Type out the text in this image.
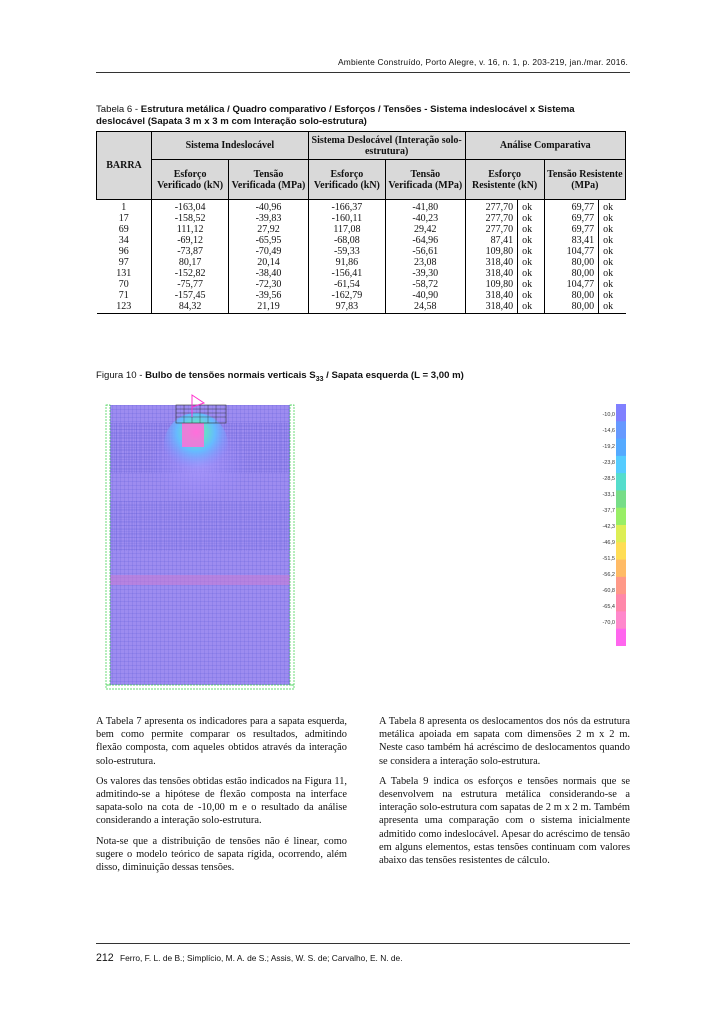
Ambiente Construído, Porto Alegre, v. 16, n. 1, p. 203-219, jan./mar. 2016.
Tabela 6 - Estrutura metálica / Quadro comparativo / Esforços / Tensões - Sistema indeslocável x Sistema deslocável (Sapata 3 m x 3 m com Interação solo-estrutura)
BARRA	Sistema Indeslocável		Sistema Deslocável (Interação solo-estrutura)		Análise Comparativa			
	Esforço Verificado (kN)	Tensão Verificada (MPa)	Esforço Verificado (kN)	Tensão Verificada (MPa)	Esforço Resistente (kN)		Tensão Resistente (MPa)	
1	-163,04	-40,96	-166,37	-41,80	277,70	ok	69,77	ok
17	-158,52	-39,83	-160,11	-40,23	277,70	ok	69,77	ok
69	111,12	27,92	117,08	29,42	277,70	ok	69,77	ok
34	-69,12	-65,95	-68,08	-64,96	87,41	ok	83,41	ok
96	-73,87	-70,49	-59,33	-56,61	109,80	ok	104,77	ok
97	80,17	20,14	91,86	23,08	318,40	ok	80,00	ok
131	-152,82	-38,40	-156,41	-39,30	318,40	ok	80,00	ok
70	-75,77	-72,30	-61,54	-58,72	109,80	ok	104,77	ok
71	-157,45	-39,56	-162,79	-40,90	318,40	ok	80,00	ok
123	84,32	21,19	97,83	24,58	318,40	ok	80,00	ok
Figura 10 - Bulbo de tensões normais verticais $S_{33}$ / Sapata esquerda (L = 3,00 m)
-10,0
-14,6
-19,2
-23,8
-28,5
-33,1
-37,7
-42,3
-46,9
-51,5
-56,2
-60,8
-65,4
-70,0

A Tabela 7 apresenta os indicadores para a sapata esquerda, bem como permite comparar os resultados, admitindo flexão composta, com aqueles obtidos através da interação solo-estrutura.

Os valores das tensões obtidas estão indicados na Figura 11, admitindo-se a hipótese de flexão composta na interface sapata-solo na cota de -10,00 m e o resultado da análise considerando a interação solo-estrutura.

Nota-se que a distribuição de tensões não é linear, como sugere o modelo teórico de sapata rígida, ocorrendo, além disso, diminuição dessas tensões.

A Tabela 8 apresenta os deslocamentos dos nós da estrutura metálica apoiada em sapata com dimensões 2 m x 2 m. Neste caso também há acréscimo de deslocamentos quando se considera a interação solo-estrutura.

A Tabela 9 indica os esforços e tensões normais que se desenvolvem na estrutura metálica considerando-se a interação solo-estrutura com sapatas de 2 m x 2 m. Também apresenta uma comparação com o sistema inicialmente admitido como indeslocável. Apesar do acréscimo de tensão em alguns elementos, estas tensões continuam com valores abaixo das tensões resistentes de cálculo.

212 Ferro, F. L. de B.; Simplício, M. A. de S.; Assis, W. S. de; Carvalho, E. N. de.
